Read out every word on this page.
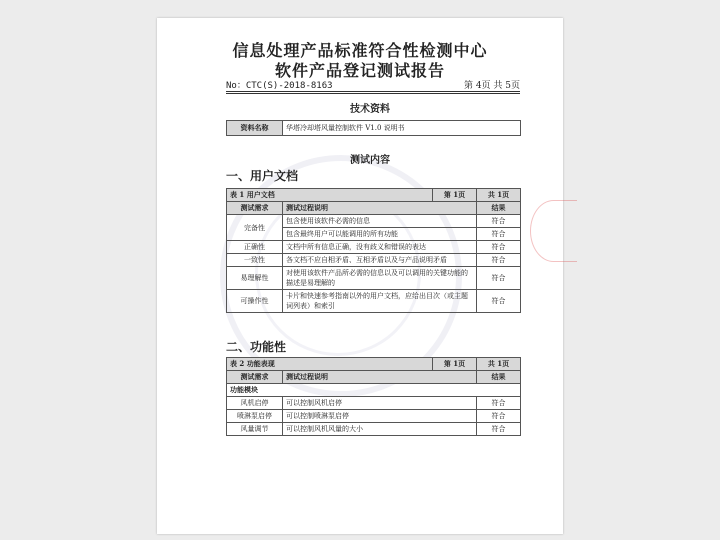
信息处理产品标准符合性检测中心
软件产品登记测试报告
No：CTC(S)-2018-8163	第 4页 共 5页
技术资料
资料名称	华塔冷却塔风量控制软件 V1.0 说明书
测试内容
一、用户文档
表 1 用户文档		第 1页	共 1页
测试需求	测试过程说明		结果
完备性	包含使用该软件必需的信息		符合
	包含最终用户可以能调用的所有功能		符合
正确性	文档中所有信息正确，没有歧义和错误的表达		符合
一致性	各文档不应自相矛盾、互相矛盾以及与产品说明矛盾		符合
易理解性	对使用该软件产品所必需的信息以及可以调用的关键功能的描述是易理解的		符合
可操作性	卡片和快速参考指南以外的用户文档，应给出目次（或主题词列表）和索引		符合
二、功能性
表 2 功能表现		第 1页	共 1页
测试需求	测试过程说明		结果
功能模块			
风机启停	可以控制风机启停		符合
喷淋泵启停	可以控制喷淋泵启停		符合
风量调节	可以控制风机风量的大小		符合
